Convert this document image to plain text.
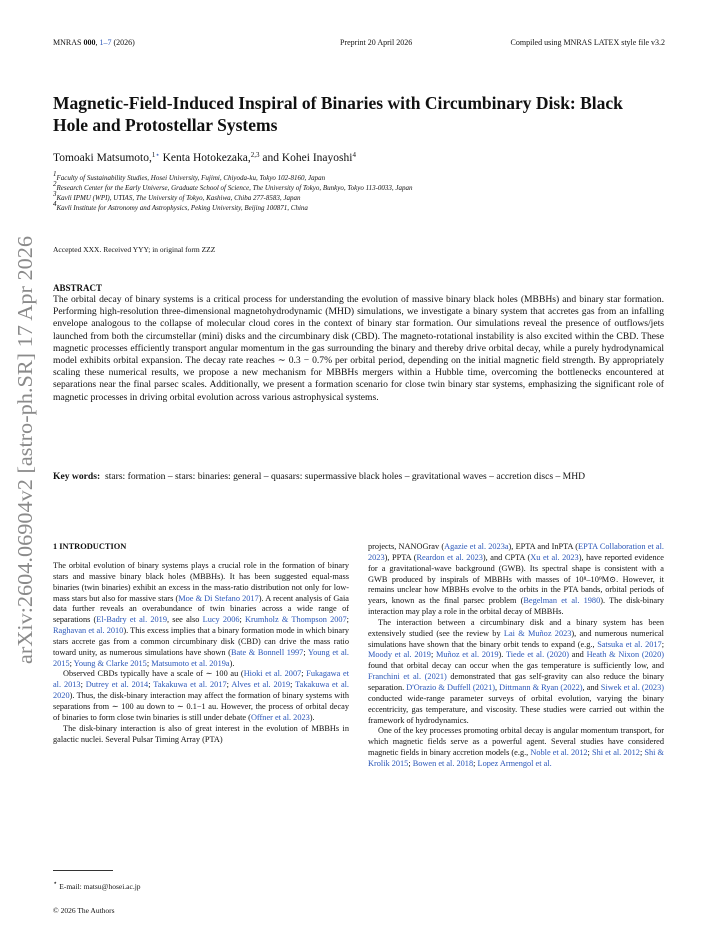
MNRAS 000, 1–7 (2026)	Preprint 20 April 2026	Compiled using MNRAS LATEX style file v3.2
Magnetic-Field-Induced Inspiral of Binaries with Circumbinary Disk: Black Hole and Protostellar Systems
Tomoaki Matsumoto,$^{1⋆}$ Kenta Hotokezaka,$^{2,3}$ and Kohei Inayoshi$^4$
$^1$Faculty of Sustainability Studies, Hosei University, Fujimi, Chiyoda-ku, Tokyo 102-8160, Japan
$^2$Research Center for the Early Universe, Graduate School of Science, The University of Tokyo, Bunkyo, Tokyo 113-0033, Japan
$^3$Kavli IPMU (WPI), UTIAS, The University of Tokyo, Kashiwa, Chiba 277-8583, Japan
$^4$Kavli Institute for Astronomy and Astrophysics, Peking University, Beijing 100871, China
Accepted XXX. Received YYY; in original form ZZZ
ABSTRACT

The orbital decay of binary systems is a critical process for understanding the evolution of massive binary black holes (MBBHs) and binary star formation. Performing high-resolution three-dimensional magnetohydrodynamic (MHD) simulations, we investigate a binary system that accretes gas from an infalling envelope analogous to the collapse of molecular cloud cores in the context of binary star formation. Our simulations reveal the presence of outflows/jets launched from both the circumstellar (mini) disks and the circumbinary disk (CBD). The magneto-rotational instability is also excited within the CBD. These magnetic processes efficiently transport angular momentum in the gas surrounding the binary and thereby drive orbital decay, while a purely hydrodynamical model exhibits orbital expansion. The decay rate reaches ∼ 0.3 − 0.7% per orbital period, depending on the initial magnetic field strength. By appropriately scaling these numerical results, we propose a new mechanism for MBBHs mergers within a Hubble time, overcoming the bottlenecks encountered at separations near the final parsec scales. Additionally, we present a formation scenario for close twin binary star systems, emphasizing the significant role of magnetic processes in driving orbital evolution across various astrophysical systems.

Key words: stars: formation – stars: binaries: general – quasars: supermassive black holes – gravitational waves – accretion discs – MHD

arXiv:2604.06904v2 [astro-ph.SR] 17 Apr 2026 1 INTRODUCTION

The orbital evolution of binary systems plays a crucial role in the formation of binary stars and massive binary black holes (MBBHs). It has been suggested equal-mass binaries (twin binaries) exhibit an excess in the mass-ratio distribution not only for low-mass stars but also for massive stars (Moe & Di Stefano 2017). A recent analysis of Gaia data further reveals an overabundance of twin binaries across a wide range of separations (El-Badry et al. 2019, see also Lucy 2006; Krumholz & Thompson 2007; Raghavan et al. 2010). This excess implies that a binary formation mode in which binary stars accrete gas from a common circumbinary disk (CBD) can drive the mass ratio toward unity, as numerous simulations have shown (Bate & Bonnell 1997; Young et al. 2015; Young & Clarke 2015; Matsumoto et al. 2019a).

Observed CBDs typically have a scale of ∼ 100 au (Hioki et al. 2007; Fukagawa et al. 2013; Dutrey et al. 2014; Takakuwa et al. 2017; Alves et al. 2019; Takakuwa et al. 2020). Thus, the disk-binary interaction may affect the formation of binary systems with separations from ∼ 100 au down to ∼ 0.1−1 au. However, the process of orbital decay of binaries to form close twin binaries is still under debate (Offner et al. 2023).

The disk-binary interaction is also of great interest in the evolution of MBBHs in galactic nuclei. Several Pulsar Timing Array (PTA)

projects, NANOGrav (Agazie et al. 2023a), EPTA and InPTA (EPTA Collaboration et al. 2023), PPTA (Reardon et al. 2023), and CPTA (Xu et al. 2023), have reported evidence for a gravitational-wave background (GWB). Its spectral shape is consistent with a GWB produced by inspirals of MBBHs with masses of 10⁸–10⁹M⊙. However, it remains unclear how MBBHs evolve to the orbits in the PTA bands, orbital periods of years, known as the final parsec problem (Begelman et al. 1980). The disk-binary interaction may play a role in the orbital decay of MBBHs.

The interaction between a circumbinary disk and a binary system has been extensively studied (see the review by Lai & Muñoz 2023), and numerous numerical simulations have shown that the binary orbit tends to expand (e.g., Satsuka et al. 2017; Moody et al. 2019; Muñoz et al. 2019). Tiede et al. (2020) and Heath & Nixon (2020) found that orbital decay can occur when the gas temperature is sufficiently low, and Franchini et al. (2021) demonstrated that gas self-gravity can also reduce the binary separation. D'Orazio & Duffell (2021), Dittmann & Ryan (2022), and Siwek et al. (2023) conducted wide-range parameter surveys of orbital evolution, varying the binary eccentricity, gas temperature, and viscosity. These studies were carried out within the framework of hydrodynamics.

One of the key processes promoting orbital decay is angular momentum transport, for which magnetic fields serve as a powerful agent. Several studies have considered magnetic fields in binary accretion models (e.g., Noble et al. 2012; Shi et al. 2012; Shi & Krolik 2015; Bowen et al. 2018; Lopez Armengol et al.

⋆ E-mail: matsu@hosei.ac.jp
© 2026 The Authors
